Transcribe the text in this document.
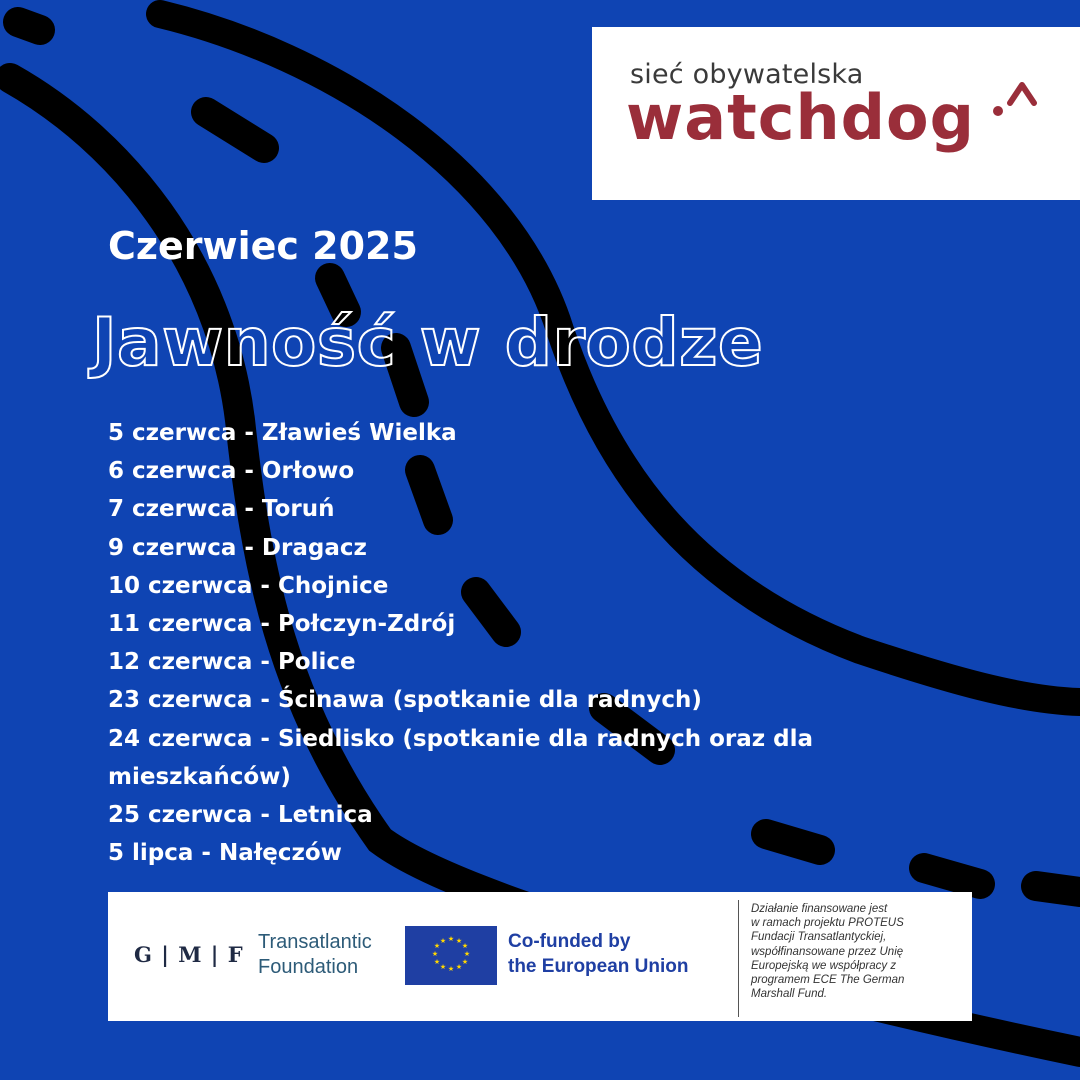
sieć obywatelska
watchdog
Czerwiec 2025
Jawność w drodze
5 czerwca - Zławieś Wielka
6 czerwca - Orłowo
7 czerwca - Toruń
9 czerwca - Dragacz
10 czerwca - Chojnice
11 czerwca - Połczyn-Zdrój
12 czerwca - Police
23 czerwca - Ścinawa (spotkanie dla radnych)
24 czerwca - Siedlisko (spotkanie dla radnych oraz dla mieszkańców)
25 czerwca - Letnica
5 lipca - Nałęczów
G | M | F Transatlantic
Foundation
★ ★
★
★
★
★
★
★
★
★
★
★	Co-funded by
the European Union
Działanie finansowane jest
w ramach projektu PROTEUS
Fundacji Transatlantyckiej,
współfinansowane przez Unię
Europejską we współpracy z
programem ECE The German
Marshall Fund.
